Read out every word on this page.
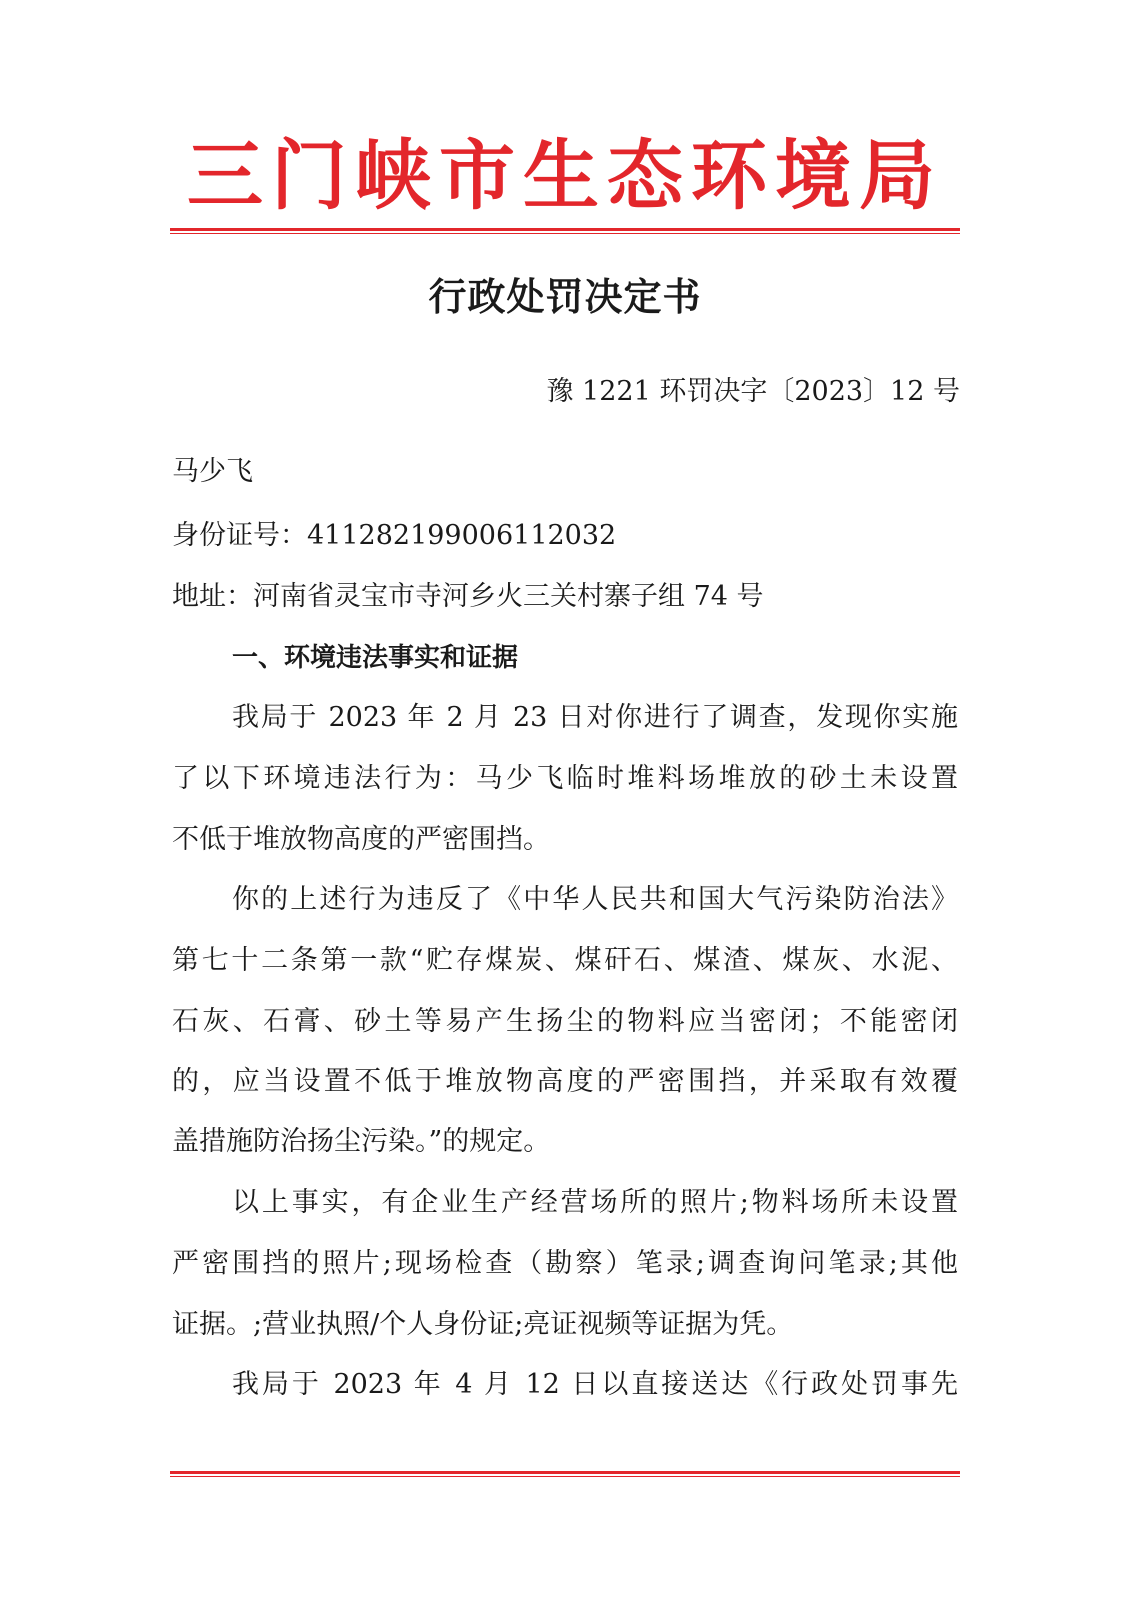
三门峡市生态环境局
行政处罚决定书
豫 1221 环罚决字〔2023〕12 号
马少飞
身份证号：411282199006112032
地址：河南省灵宝市寺河乡火三关村寨子组 74 号
一、环境违法事实和证据
我局于 2023 年 2 月 23 日对你进行了调查，发现你实施
了以下环境违法行为：马少飞临时堆料场堆放的砂土未设置
不低于堆放物高度的严密围挡。
你的上述行为违反了《中华人民共和国大气污染防治法》
第七十二条第一款“贮存煤炭、煤矸石、煤渣、煤灰、水泥、
石灰、石膏、砂土等易产生扬尘的物料应当密闭；不能密闭
的，应当设置不低于堆放物高度的严密围挡，并采取有效覆
盖措施防治扬尘污染。”的规定。
以上事实，有企业生产经营场所的照片;物料场所未设置
严密围挡的照片;现场检查（勘察）笔录;调查询问笔录;其他
证据。;营业执照/个人身份证;亮证视频等证据为凭。
我局于 2023 年 4 月 12 日以直接送达《行政处罚事先
